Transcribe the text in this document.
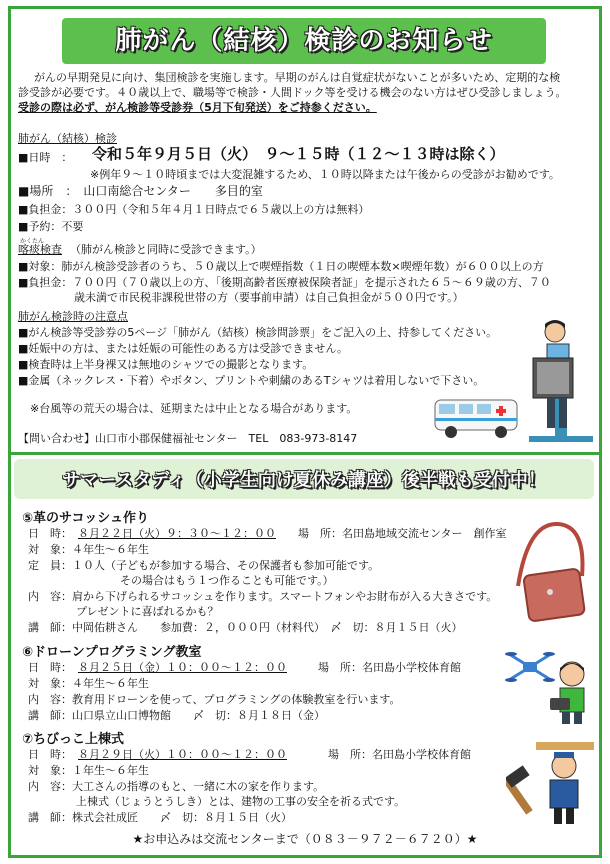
肺がん（結核）検診のお知らせ
がんの早期発見に向け、集団検診を実施します。早期のがんは自覚症状がないことが多いため、定期的な検
診受診が必要です。４０歳以上で、職場等で検診・人間ドック等を受ける機会のない方はぜひ受診しましょう。
受診の際は必ず、がん検診等受診券（5月下旬発送）をご持参ください。
肺がん（結核）検診
■日時　： 令和５年９月５日（火）　９～１５時（１２～１３時は除く）
※例年９～１０時頃までは大変混雑するため、１０時以降または午後からの受診がお勧めです。
■場所　：　山口南総合センター　　多目的室
■負担金：３００円（令和５年４月１日時点で６５歳以上の方は無料）
■予約：不要
かくたん
喀痰検査 （肺がん検診と同時に受診できます。）
■対象：肺がん検診受診者のうち、５０歳以上で喫煙指数（１日の喫煙本数×喫煙年数）が６００以上の方
■負担金：７００円（７０歳以上の方、「後期高齢者医療被保険者証」を提示された６５～６９歳の方、７０
歳未満で市民税非課税世帯の方（要事前申請）は自己負担金が５００円です。）
肺がん検診時の注意点
■がん検診等受診券の5ページ「肺がん（結核）検診問診票」をご記入の上、持参してください。
■妊娠中の方は、または妊娠の可能性のある方は受診できません。
■検査時は上半身裸又は無地のシャツでの撮影となります。
■金属（ネックレス・下着）やボタン、プリントや刺繍のあるTシャツは着用しないで下さい。
※台風等の荒天の場合は、延期または中止となる場合があります。
【問い合わせ】山口市小郡保健福祉センター　TEL　083-973-8147
サマースタディ（小学生向け夏休み講座）後半戦も受付中！
⑤革のサコッシュ作り
日　時： ８月２２日（火）９：３０～１２：００ 場　所：名田島地域交流センター　創作室
対　象：４年生～６年生
定　員：１０人（子どもが参加する場合、その保護者も参加可能です。
その場合はもう１つ作ることも可能です。）
内　容：肩から下げられるサコッシュを作ります。スマートフォンやお財布が入る大きさです。
プレゼントに喜ばれるかも？
講　師：中岡佑耕さん　　参加費：２，０００円（材料代）　〆　切：８月１５日（火）
⑥ドローンプログラミング教室
日　時： ８月２５日（金）１０：００～１２：００	場　所：名田島小学校体育館
対　象：４年生～６年生
内　容：教育用ドローンを使って、プログラミングの体験教室を行います。
講　師：山口県立山口博物館　　〆　切：８月１８日（金）
⑦ちびっこ上棟式
日　時： ８月２９日（火）１０：００～１２：００	場　所：名田島小学校体育館
対　象：１年生～６年生
内　容：大工さんの指導のもと、一緒に木の家を作ります。
上棟式（じょうとうしき）とは、建物の工事の安全を祈る式です。
講　師：株式会社成匠　　〆　切：８月１５日（火）
★お申込みは交流センターまで（０８３－９７２－６７２０）★
